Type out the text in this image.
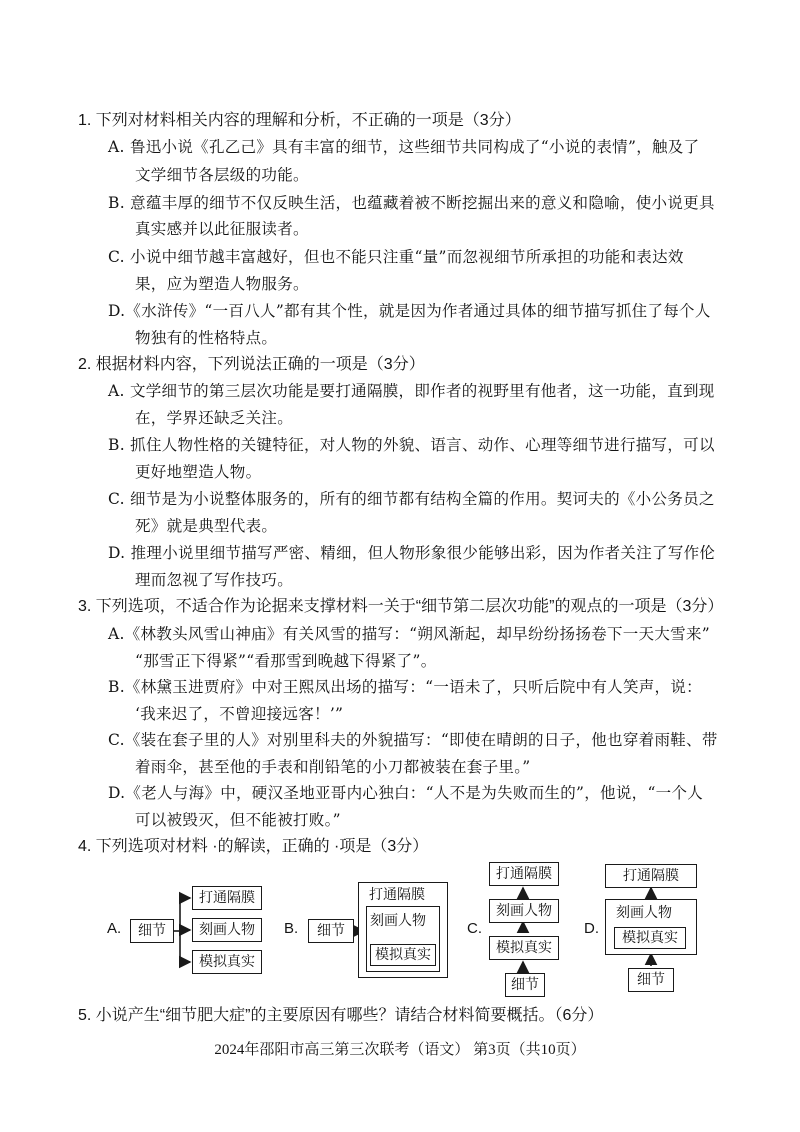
1. 下列对材料相关内容的理解和分析，不正确的一项是（3分）
A. 鲁迅小说《孔乙己》具有丰富的细节，这些细节共同构成了“小说的表情”，触及了
文学细节各层级的功能。
B. 意蕴丰厚的细节不仅反映生活，也蕴藏着被不断挖掘出来的意义和隐喻，使小说更具
真实感并以此征服读者。
C. 小说中细节越丰富越好，但也不能只注重“量”而忽视细节所承担的功能和表达效
果，应为塑造人物服务。
D.《水浒传》“一百八人”都有其个性，就是因为作者通过具体的细节描写抓住了每个人
物独有的性格特点。
2. 根据材料内容，下列说法正确的一项是（3分）
A. 文学细节的第三层次功能是要打通隔膜，即作者的视野里有他者，这一功能，直到现
在，学界还缺乏关注。
B. 抓住人物性格的关键特征，对人物的外貌、语言、动作、心理等细节进行描写，可以
更好地塑造人物。
C. 细节是为小说整体服务的，所有的细节都有结构全篇的作用。契诃夫的《小公务员之
死》就是典型代表。
D. 推理小说里细节描写严密、精细，但人物形象很少能够出彩，因为作者关注了写作伦
理而忽视了写作技巧。
3. 下列选项，不适合作为论据来支撑材料一关于“细节第二层次功能”的观点的一项是（3分）
A.《林教头风雪山神庙》有关风雪的描写：“朔风渐起，却早纷纷扬扬卷下一天大雪来”
“那雪正下得紧”“看那雪到晚越下得紧了”。
B.《林黛玉进贾府》中对王熙凤出场的描写：“一语未了，只听后院中有人笑声，说：
‘我来迟了，不曾迎接远客！’”
C.《装在套子里的人》对别里科夫的外貌描写：“即使在晴朗的日子，他也穿着雨鞋、带
着雨伞，甚至他的手表和削铅笔的小刀都被装在套子里。”
D.《老人与海》中，硬汉圣地亚哥内心独白：“人不是为失败而生的”，他说，“一个人
可以被毁灭，但不能被打败。”
4. 下列选项对材料 ·的解读，正确的 ·项是（3分）
A.	细节
打通隔膜
刻画人物
模拟真实
B.	细节
打通隔膜
刻画人物
模拟真实
C.
打通隔膜
刻画人物
模拟真实
细节
D.
打通隔膜
刻画人物
模拟真实
细节
5. 小说产生“细节肥大症”的主要原因有哪些？请结合材料简要概括。（6分）
2024年邵阳市高三第三次联考（语文） 第3页（共10页）
